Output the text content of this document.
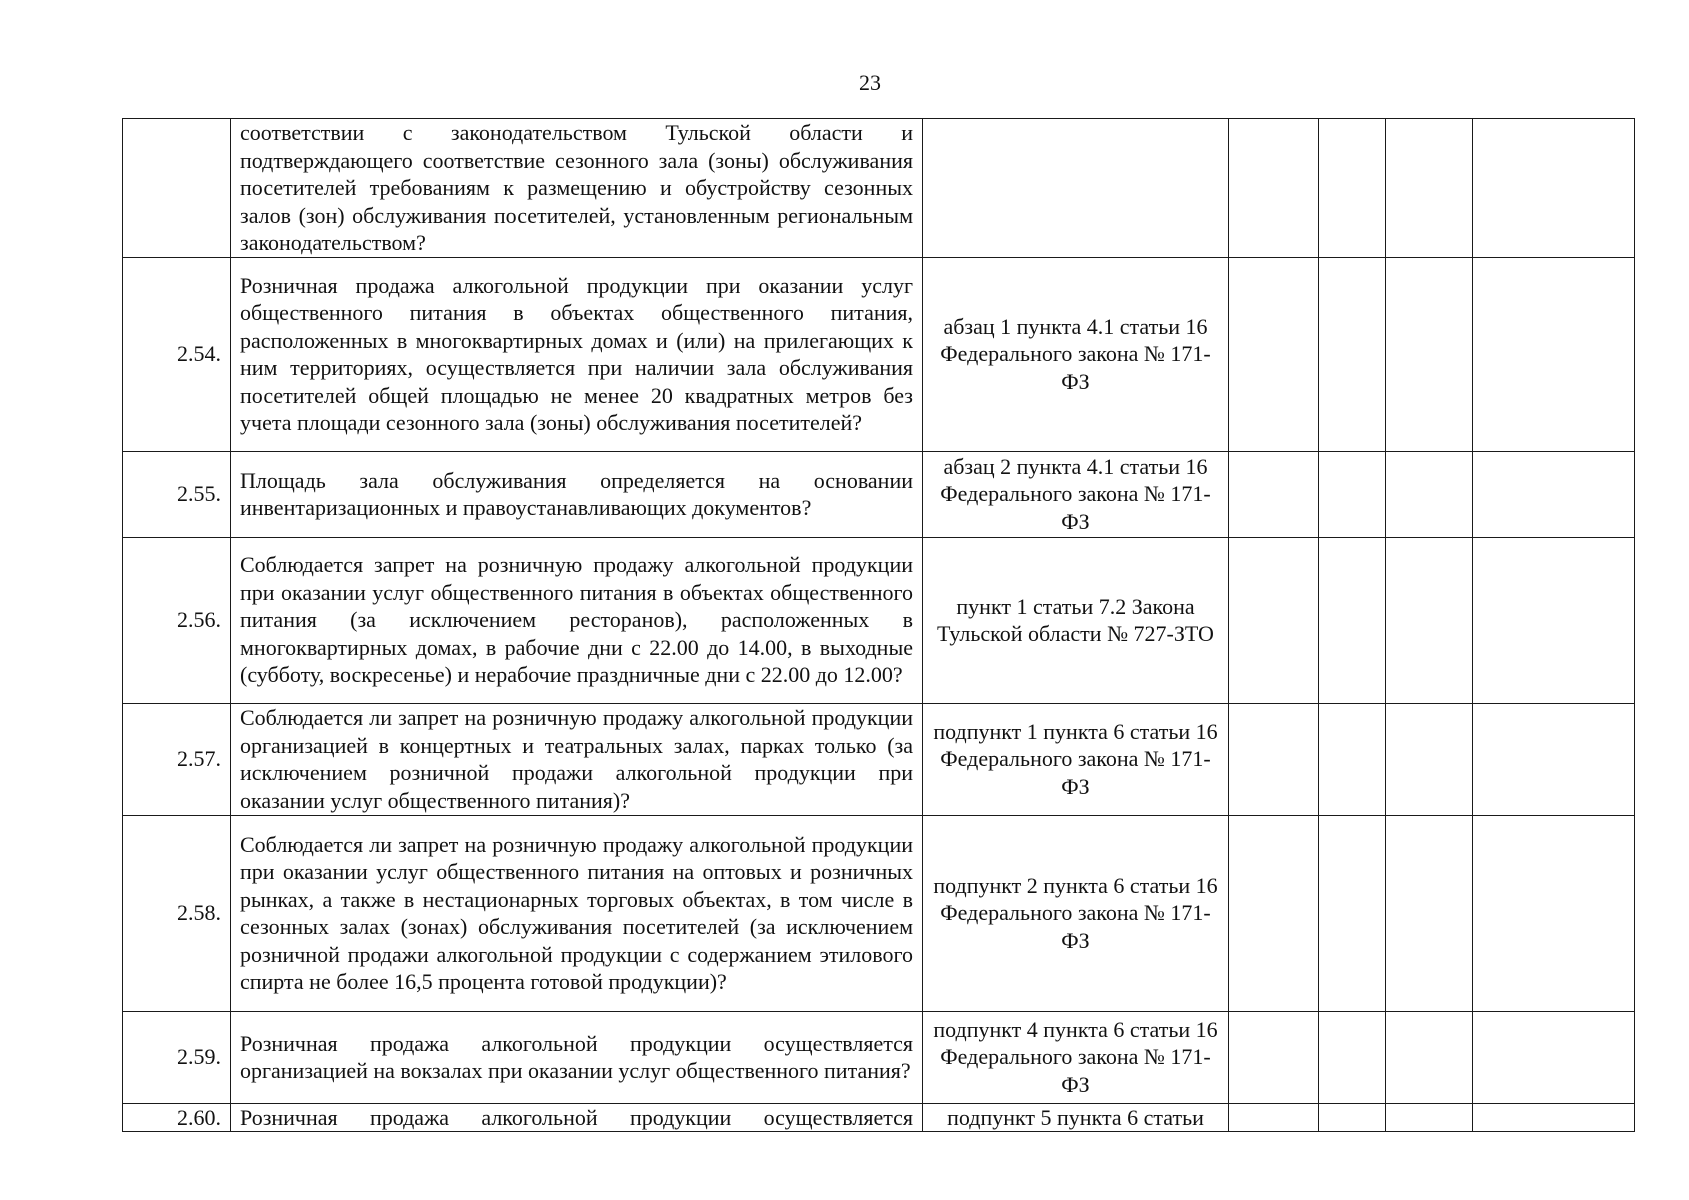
23
	соответствии с законодательством Тульской области и подтверждающего соответствие сезонного зала (зоны) обслуживания посетителей требованиям к размещению и обустройству сезонных залов (зон) обслуживания посетителей, установленным региональным законодательством?					
2.54.	Розничная продажа алкогольной продукции при оказании услуг общественного питания в объектах общественного питания, расположенных в многоквартирных домах и (или) на прилегающих к ним территориях, осуществляется при наличии зала обслуживания посетителей общей площадью не менее 20 квадратных метров без учета площади сезонного зала (зоны) обслуживания посетителей?	абзац 1 пункта 4.1 статьи 16 Федерального закона № 171-ФЗ				
2.55.	Площадь зала обслуживания определяется на основании инвентаризационных и правоустанавливающих документов?	абзац 2 пункта 4.1 статьи 16 Федерального закона № 171-ФЗ				
2.56.	Соблюдается запрет на розничную продажу алкогольной продукции при оказании услуг общественного питания в объектах общественного питания (за исключением ресторанов), расположенных в многоквартирных домах, в рабочие дни с 22.00 до 14.00, в выходные (субботу, воскресенье) и нерабочие праздничные дни с 22.00 до 12.00?	пункт 1 статьи 7.2 Закона Тульской области № 727-ЗТО				
2.57.	Соблюдается ли запрет на розничную продажу алкогольной продукции организацией в концертных и театральных залах, парках только (за исключением розничной продажи алкогольной продукции при оказании услуг общественного питания)?	подпункт 1 пункта 6 статьи 16 Федерального закона № 171-ФЗ				
2.58.	Соблюдается ли запрет на розничную продажу алкогольной продукции при оказании услуг общественного питания на оптовых и розничных рынках, а также в нестационарных торговых объектах, в том числе в сезонных залах (зонах) обслуживания посетителей (за исключением розничной продажи алкогольной продукции с содержанием этилового спирта не более 16,5 процента готовой продукции)?	подпункт 2 пункта 6 статьи 16 Федерального закона № 171-ФЗ				
2.59.	Розничная продажа алкогольной продукции осуществляется организацией на вокзалах при оказании услуг общественного питания?	подпункт 4 пункта 6 статьи 16 Федерального закона № 171-ФЗ				
2.60.	Розничная продажа алкогольной продукции осуществляется	подпункт 5 пункта 6 статьи				
